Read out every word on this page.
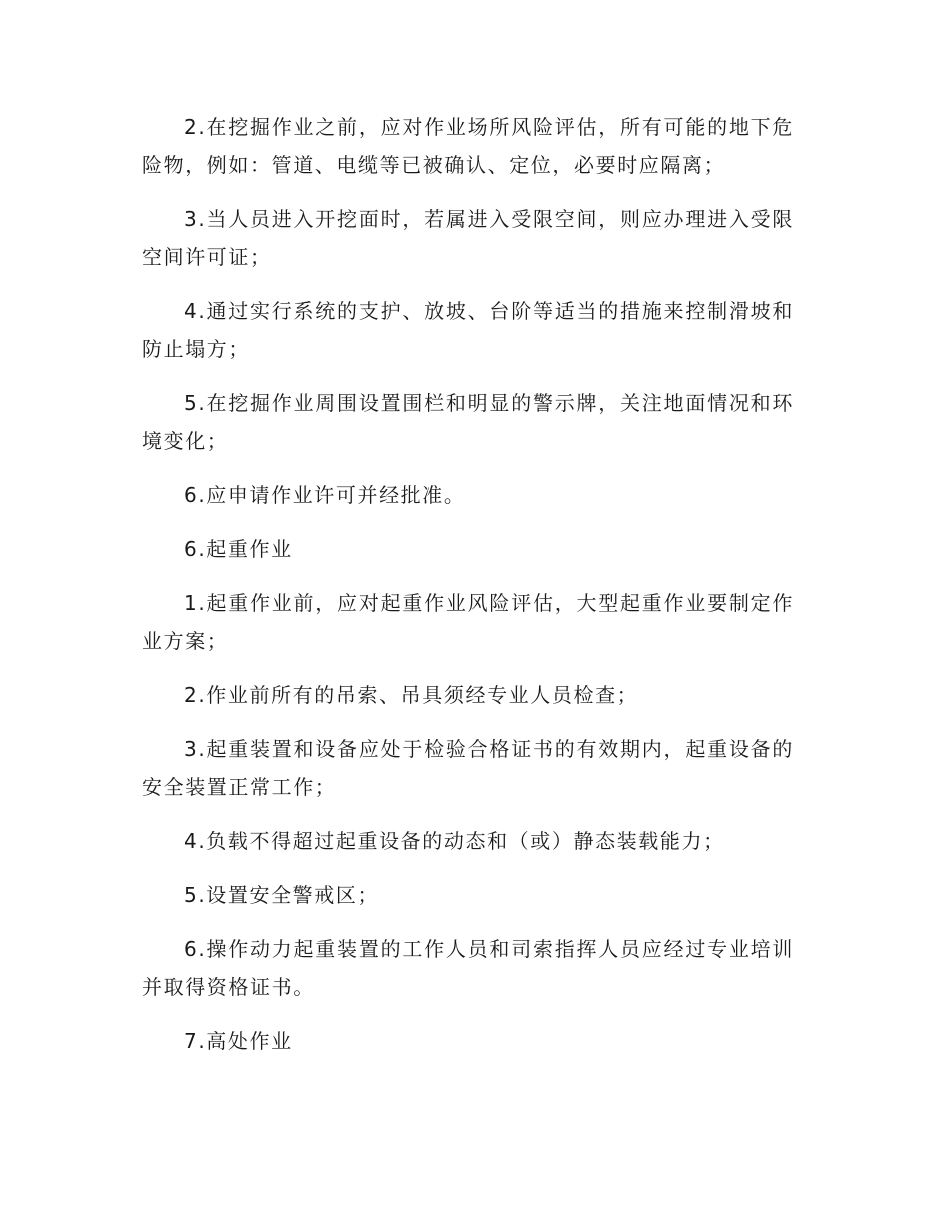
2.在挖掘作业之前，应对作业场所风险评估，所有可能的地下危险物，例如：管道、电缆等已被确认、定位，必要时应隔离；

3.当人员进入开挖面时，若属进入受限空间，则应办理进入受限空间许可证；

4.通过实行系统的支护、放坡、台阶等适当的措施来控制滑坡和防止塌方；

5.在挖掘作业周围设置围栏和明显的警示牌，关注地面情况和环境变化；

6.应申请作业许可并经批准。

6.起重作业

1.起重作业前，应对起重作业风险评估，大型起重作业要制定作业方案；

2.作业前所有的吊索、吊具须经专业人员检查；

3.起重装置和设备应处于检验合格证书的有效期内，起重设备的安全装置正常工作；

4.负载不得超过起重设备的动态和（或）静态装载能力；

5.设置安全警戒区；

6.操作动力起重装置的工作人员和司索指挥人员应经过专业培训并取得资格证书。

7.高处作业
